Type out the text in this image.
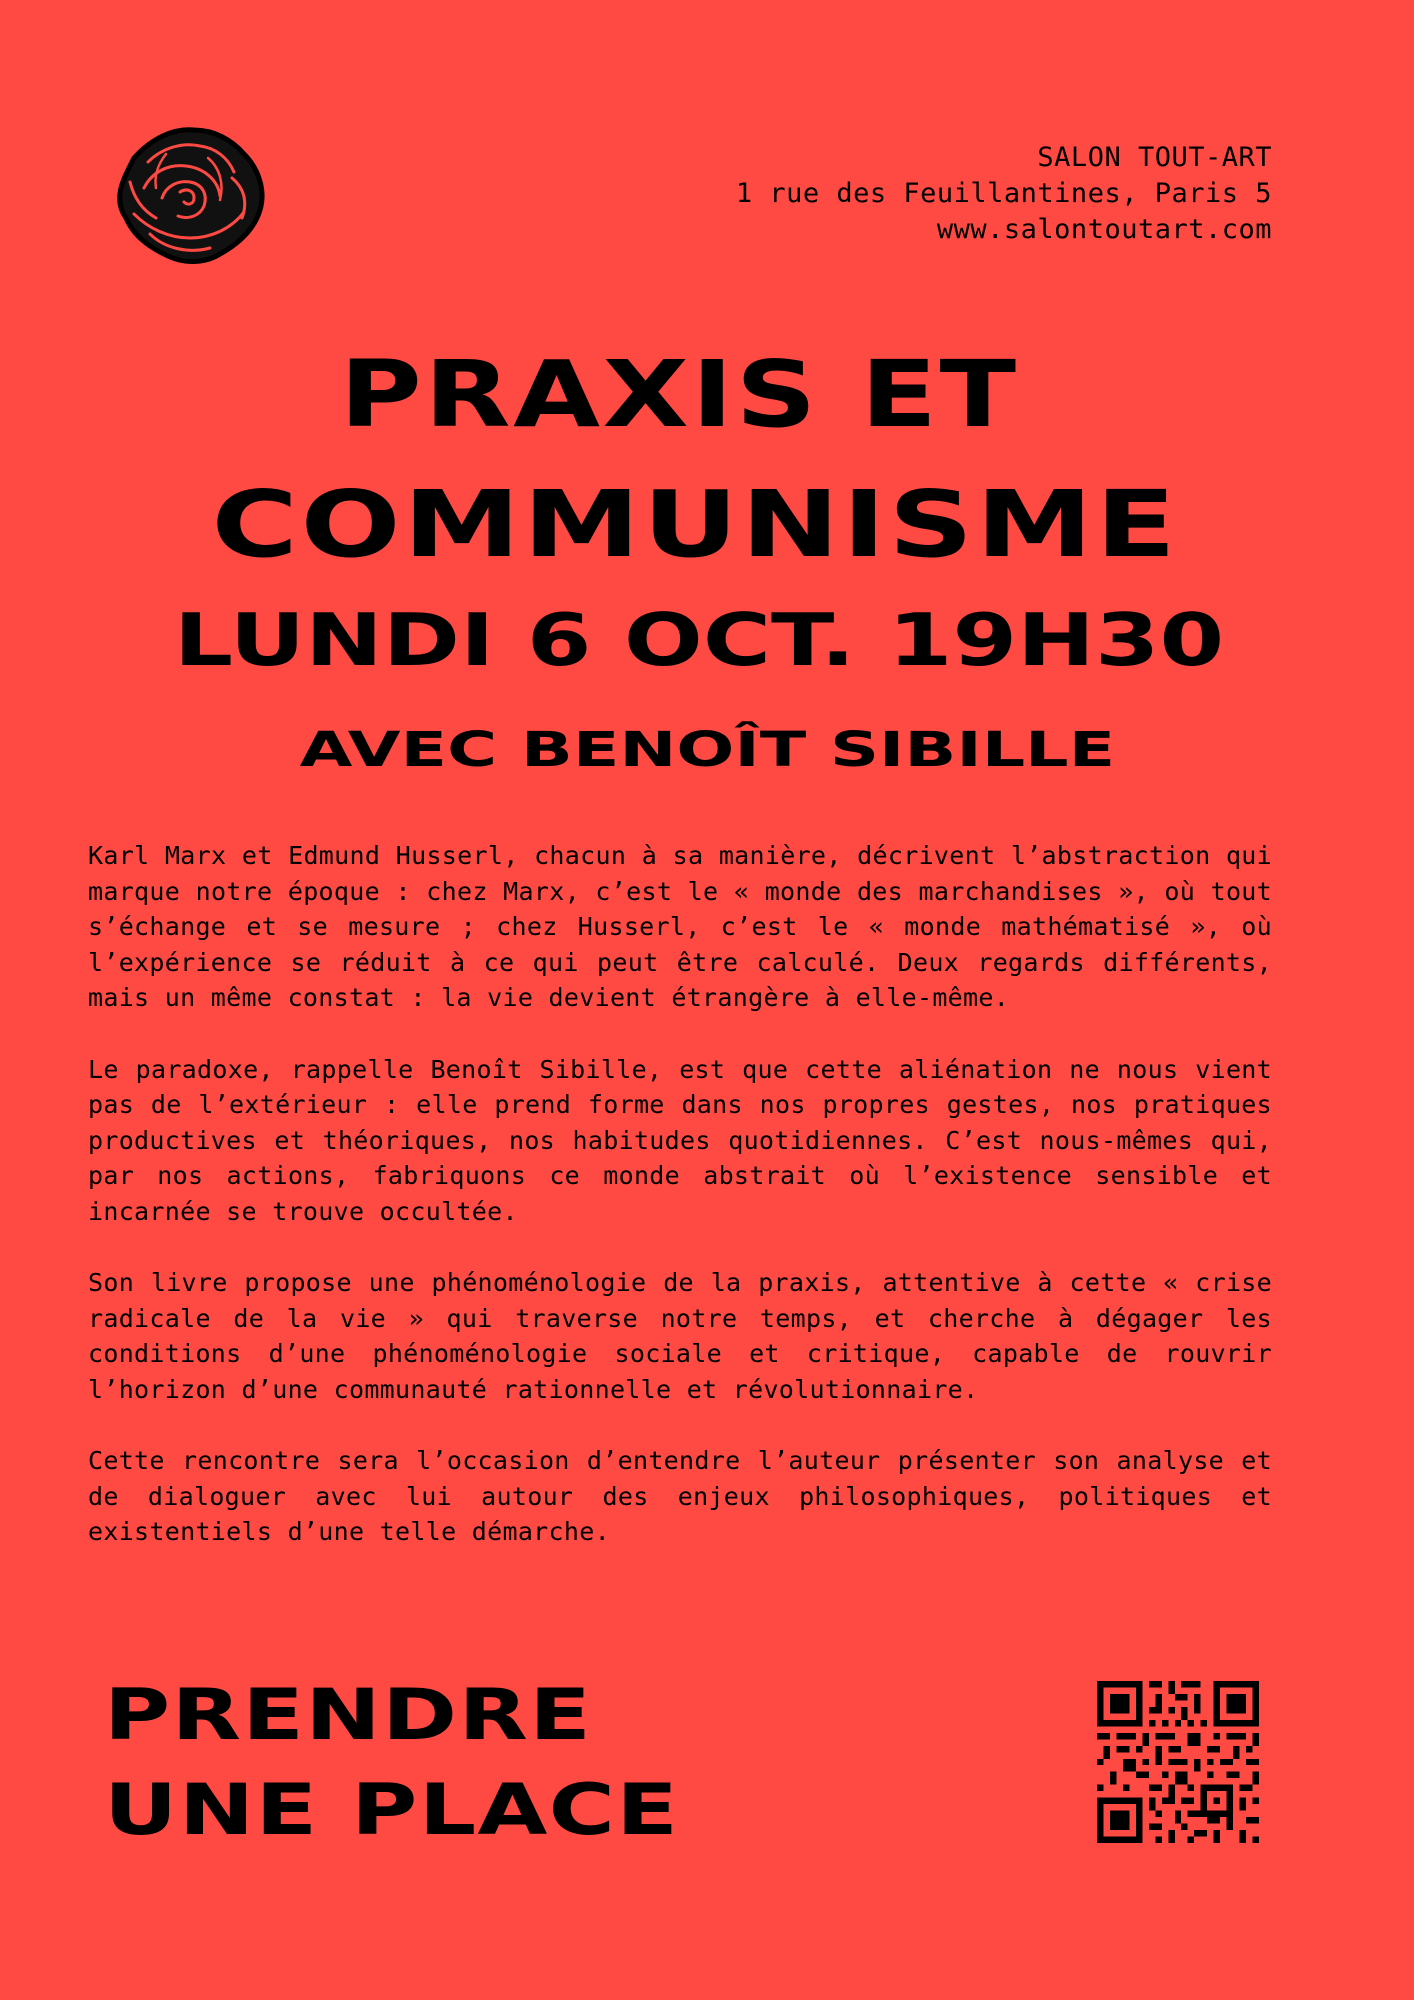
SALON TOUT-ART
1 rue des Feuillantines, Paris 5
www.salontoutart.com
PRAXIS ET
COMMUNISME
LUNDI 6 OCT. 19H30
AVEC BENOÎT SIBILLE

Karl Marx et Edmund Husserl, chacun à sa manière, décrivent l’abstraction qui marque notre époque : chez Marx, c’est le « monde des marchandises », où tout s’échange et se mesure ; chez Husserl, c’est le « monde mathématisé », où l’expérience se réduit à ce qui peut être calculé. Deux regards différents, mais un même constat : la vie devient étrangère à elle-même.

Le paradoxe, rappelle Benoît Sibille, est que cette aliénation ne nous vient pas de l’extérieur : elle prend forme dans nos propres gestes, nos pratiques productives et théoriques, nos habitudes quotidiennes. C’est nous-mêmes qui, par nos actions, fabriquons ce monde abstrait où l’existence sensible et incarnée se trouve occultée.

Son livre propose une phénoménologie de la praxis, attentive à cette « crise radicale de la vie » qui traverse notre temps, et cherche à dégager les conditions d’une phénoménologie sociale et critique, capable de rouvrir l’horizon d’une communauté rationnelle et révolutionnaire.

Cette rencontre sera l’occasion d’entendre l’auteur présenter son analyse et de dialoguer avec lui autour des enjeux philosophiques, politiques et existentiels d’une telle démarche.

PRENDRE
UNE PLACE
